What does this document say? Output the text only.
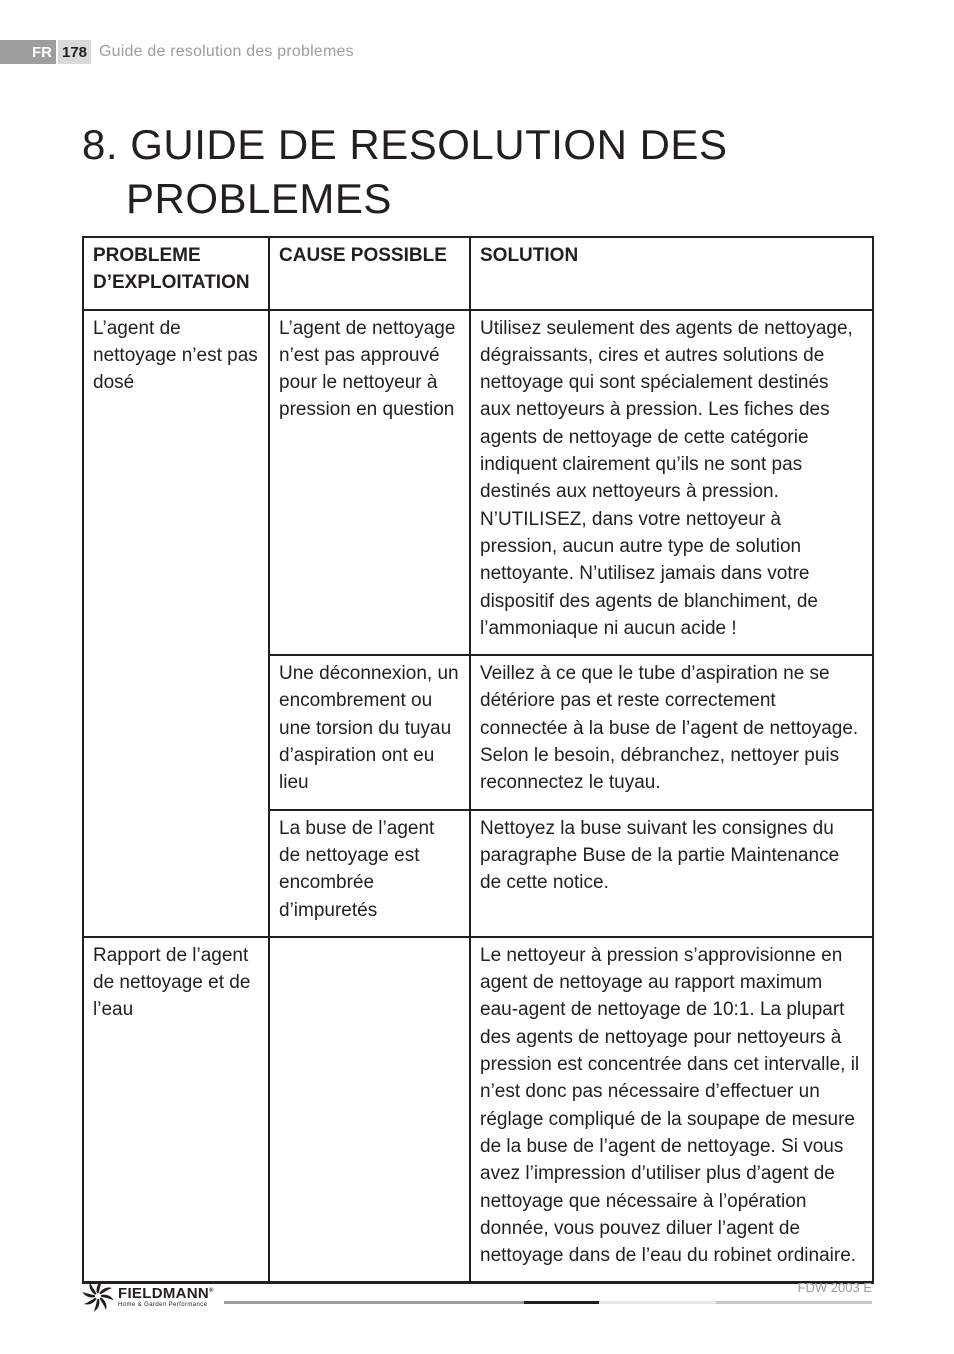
FR 178 Guide de resolution des problemes
8. GUIDE DE RESOLUTION DES
PROBLEMES
PROBLEME D’EXPLOITATION	CAUSE POSSIBLE	SOLUTION
L’agent de nettoyage n’est pas dosé	L’agent de nettoyage n’est pas approuvé pour le nettoyeur à pression en question	Utilisez seulement des agents de nettoyage, dégraissants, cires et autres solutions de nettoyage qui sont spécialement destinés aux nettoyeurs à pression. Les fiches des agents de nettoyage de cette catégorie indiquent clairement qu’ils ne sont pas destinés aux nettoyeurs à pression. N’UTILISEZ, dans votre nettoyeur à pression, aucun autre type de solution nettoyante. N’utilisez jamais dans votre dispositif des agents de blanchiment, de l’ammoniaque ni aucun acide !
	Une déconnexion, un encombrement ou une torsion du tuyau d’aspiration ont eu lieu	Veillez à ce que le tube d’aspiration ne se détériore pas et reste correctement connectée à la buse de l’agent de nettoyage. Selon le besoin, débranchez, nettoyer puis reconnectez le tuyau.
	La buse de l’agent de nettoyage est encombrée d’impuretés	Nettoyez la buse suivant les consignes du paragraphe Buse de la partie Maintenance de cette notice.
Rapport de l’agent de nettoyage et de l’eau		Le nettoyeur à pression s’approvisionne en agent de nettoyage au rapport maximum eau-agent de nettoyage de 10:1. La plupart des agents de nettoyage pour nettoyeurs à pression est concentrée dans cet intervalle, il n’est donc pas nécessaire d’effectuer un réglage compliqué de la soupape de mesure de la buse de l’agent de nettoyage. Si vous avez l’impression d’utiliser plus d’agent de nettoyage que nécessaire à l’opération donnée, vous pouvez diluer l’agent de nettoyage dans de l’eau du robinet ordinaire.
FIELDMANN®
Home & Garden Performance
FDW 2003 E
